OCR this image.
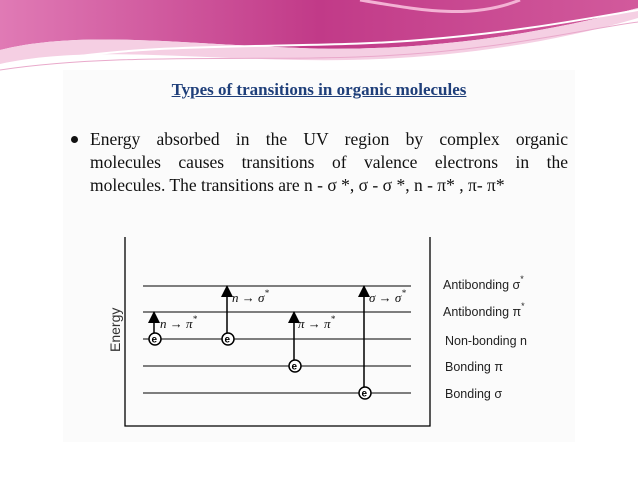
Types of transitions in organic molecules
Energy absorbed in the UV region by complex organic
molecules causes transitions of valence electrons in the
molecules. The transitions are n - σ *, σ - σ *, n - π* , π- π*
Energy
Antibonding σ*
Antibonding π*
Non-bonding n
Bonding π
Bonding σ
n → π*
n → σ*
π → π*
σ → σ*
e	e
e
e
